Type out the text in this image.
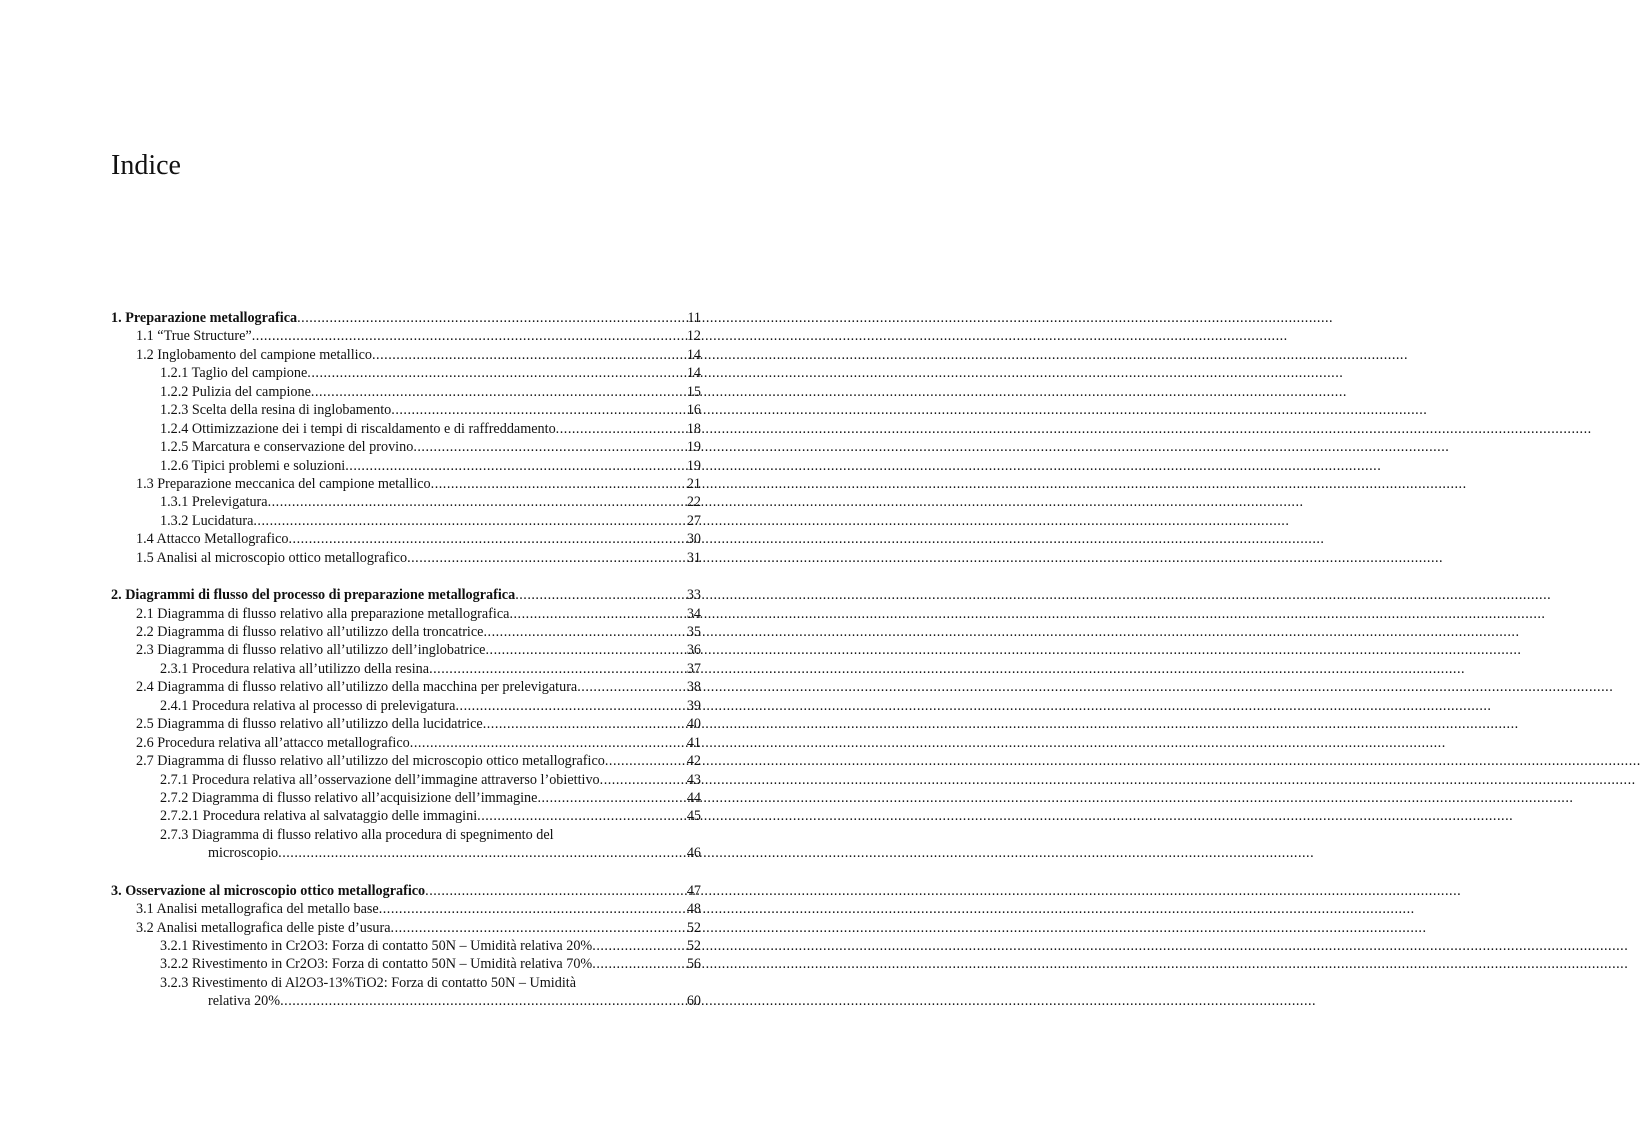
Indice
1. Preparazione metallografica .....	11
1.1 “True Structure” .....	12
1.2 Inglobamento del campione metallico .....	14
1.2.1 Taglio del campione .....	14
1.2.2 Pulizia del campione .....	15
1.2.3 Scelta della resina di inglobamento .....	16
1.2.4 Ottimizzazione dei i tempi di riscaldamento e di raffreddamento .....	18
1.2.5 Marcatura e conservazione del provino .....	19
1.2.6 Tipici problemi e soluzioni .....	19
1.3 Preparazione meccanica del campione metallico .....	21
1.3.1 Prelevigatura .....	22
1.3.2 Lucidatura .....	27
1.4 Attacco Metallografico .....	30
1.5 Analisi al microscopio ottico metallografico .....	31
2. Diagrammi di flusso del processo di preparazione metallografica .....	33
2.1 Diagramma di flusso relativo alla preparazione metallografica .....	34
2.2 Diagramma di flusso relativo all’utilizzo della troncatrice .....	35
2.3 Diagramma di flusso relativo all’utilizzo dell’inglobatrice .....	36
2.3.1 Procedura relativa all’utilizzo della resina .....	37
2.4 Diagramma di flusso relativo all’utilizzo della macchina per prelevigatura .....	38
2.4.1 Procedura relativa al processo di prelevigatura .....	39
2.5 Diagramma di flusso relativo all’utilizzo della lucidatrice .....	40
2.6 Procedura relativa all’attacco metallografico .....	41
2.7 Diagramma di flusso relativo all’utilizzo del microscopio ottico metallografico .....	42
2.7.1 Procedura relativa all’osservazione dell’immagine attraverso l’obiettivo .....	43
2.7.2 Diagramma di flusso relativo all’acquisizione dell’immagine .....	44
2.7.2.1 Procedura relativa al salvataggio delle immagini .....	45
2.7.3 Diagramma di flusso relativo alla procedura di spegnimento del
microscopio .....	46
3. Osservazione al microscopio ottico metallografico .....	47
3.1 Analisi metallografica del metallo base .....	48
3.2 Analisi metallografica delle piste d’usura .....	52
3.2.1 Rivestimento in Cr2O3: Forza di contatto 50N – Umidità relativa 20% .....	52
3.2.2 Rivestimento in Cr2O3: Forza di contatto 50N – Umidità relativa 70% .....	56
3.2.3 Rivestimento di Al2O3-13%TiO2: Forza di contatto 50N – Umidità
relativa 20% .....	60
